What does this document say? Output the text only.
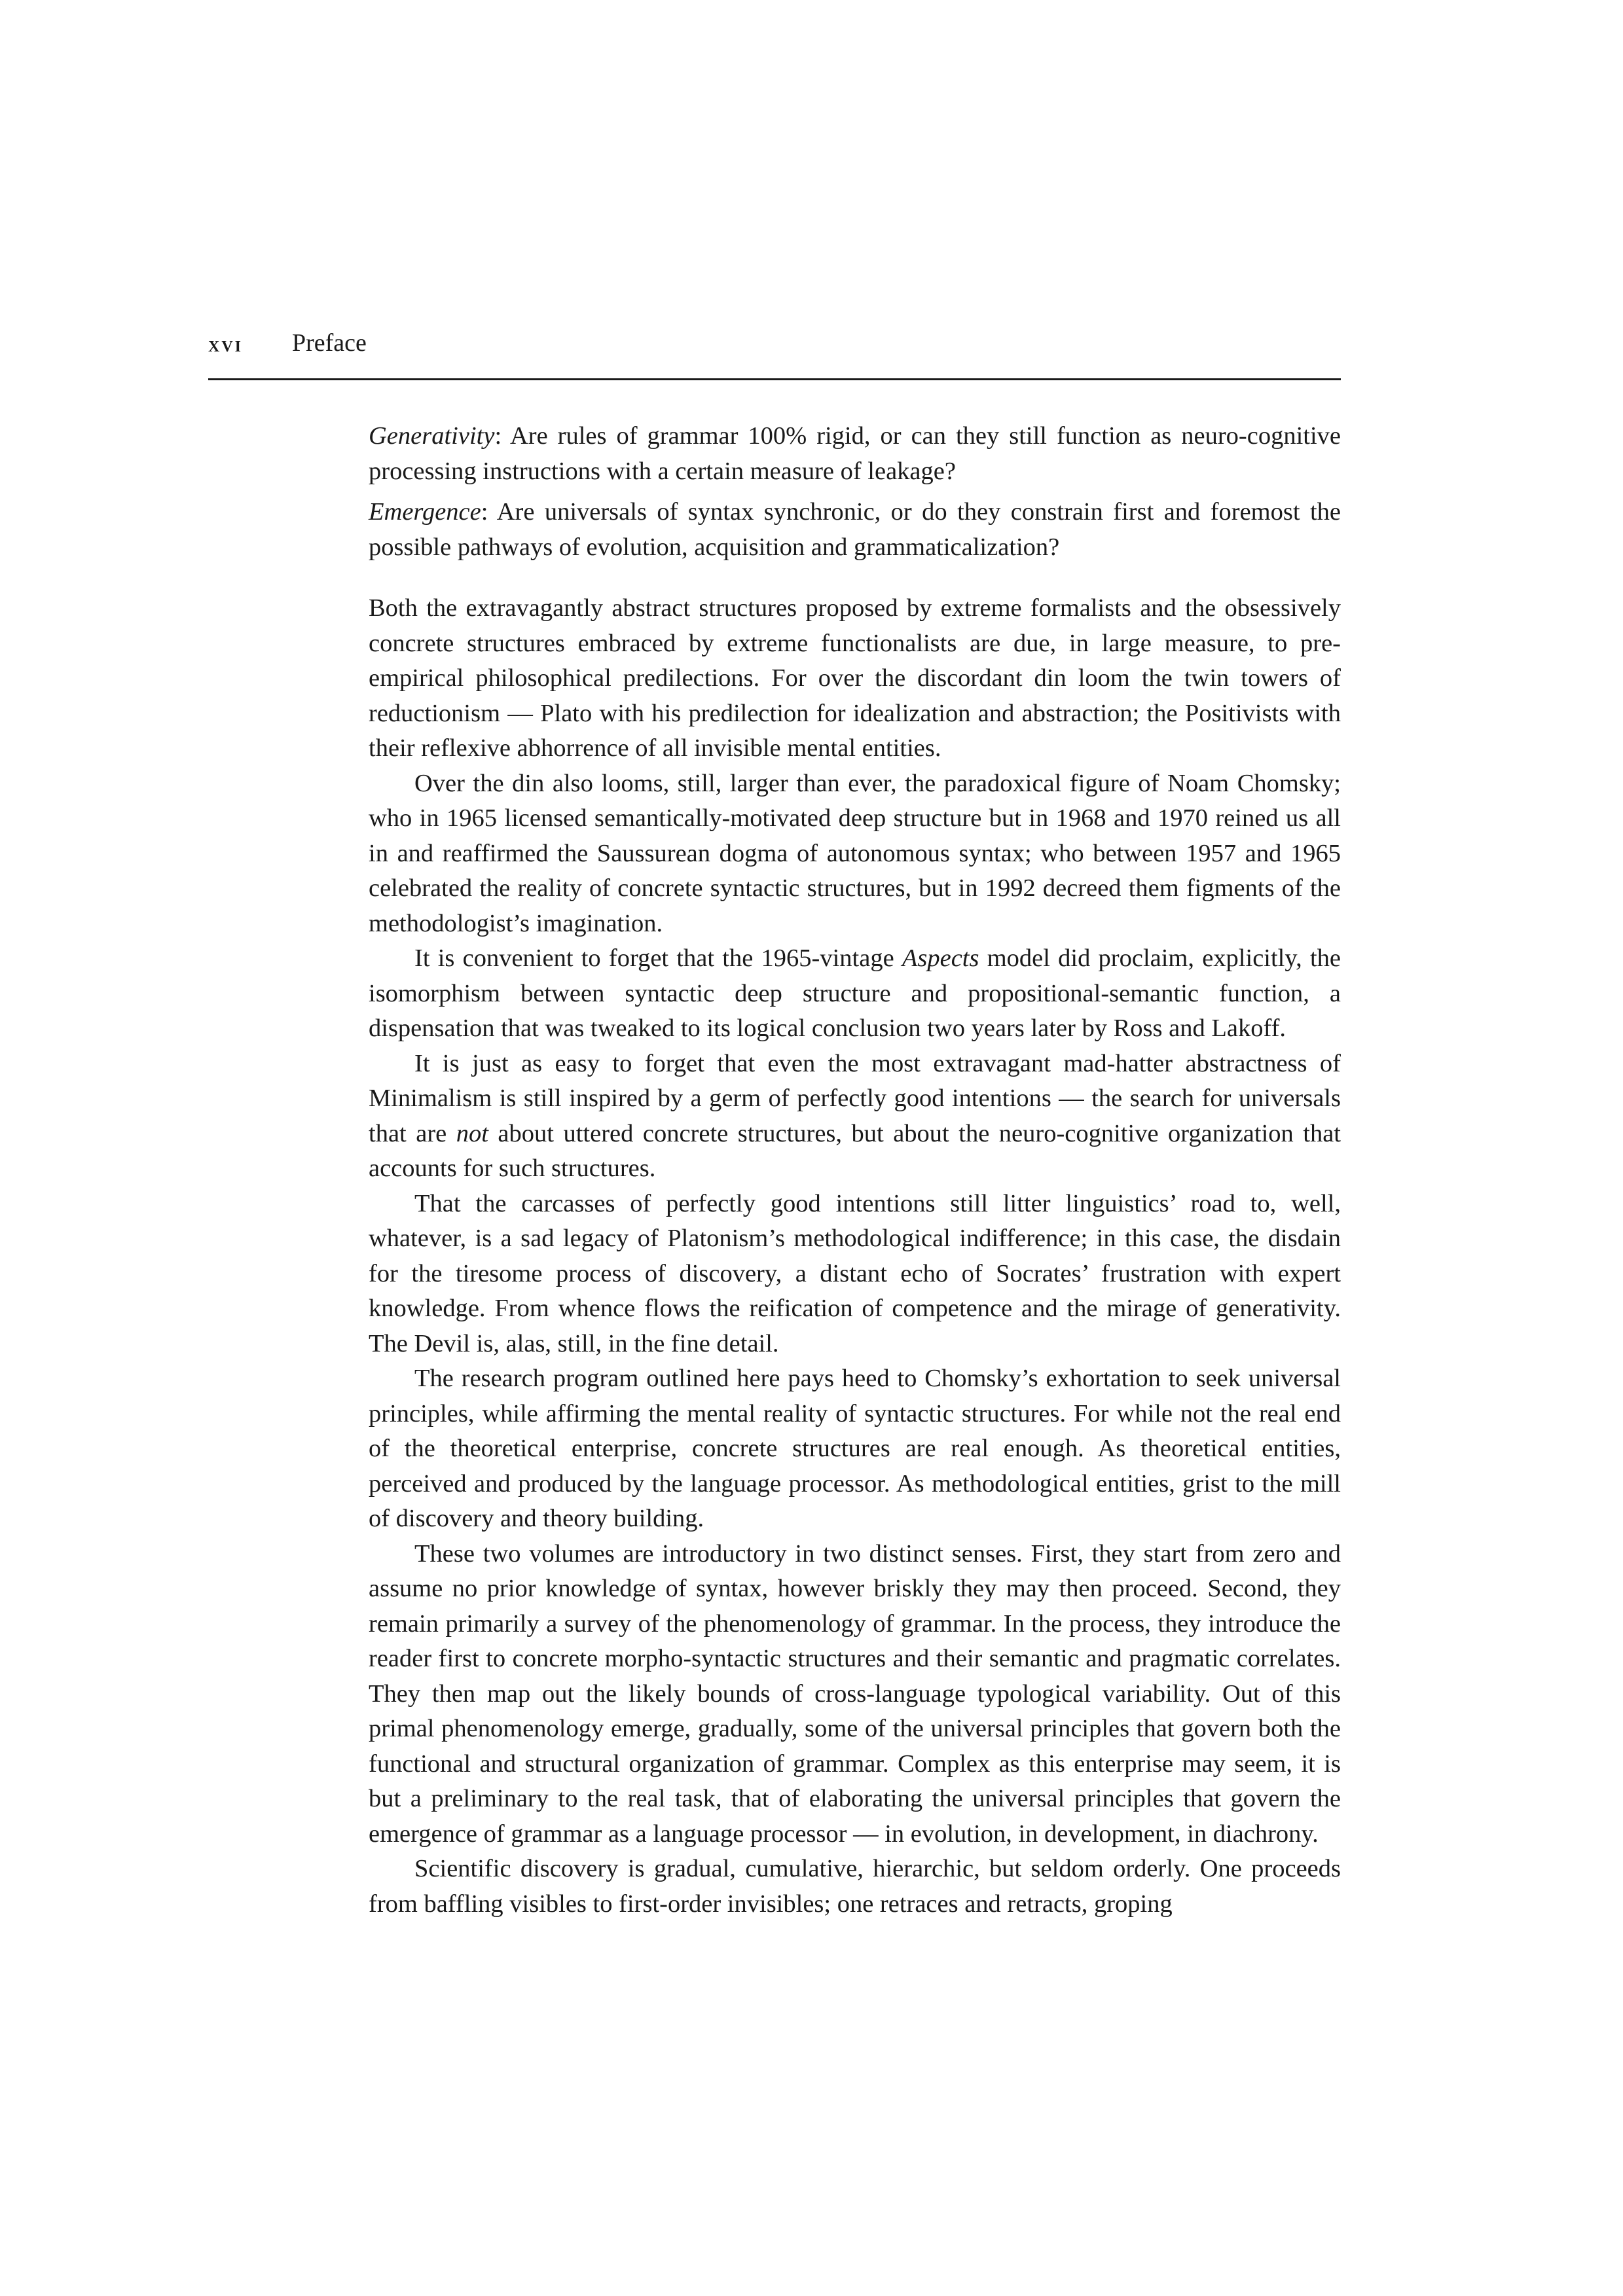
xvi Preface

Generativity: Are rules of grammar 100% rigid, or can they still function as neuro-cognitive processing instructions with a certain measure of leakage?

Emergence: Are universals of syntax synchronic, or do they constrain first and foremost the possible pathways of evolution, acquisition and grammaticalization?

Both the extravagantly abstract structures proposed by extreme formalists and the obsessively concrete structures embraced by extreme functionalists are due, in large measure, to pre-empirical philosophical predilections. For over the discordant din loom the twin towers of reductionism — Plato with his predilection for idealization and abstraction; the Positivists with their reflexive abhorrence of all invisible mental entities.

Over the din also looms, still, larger than ever, the paradoxical figure of Noam Chomsky; who in 1965 licensed semantically-motivated deep structure but in 1968 and 1970 reined us all in and reaffirmed the Saussurean dogma of autonomous syntax; who between 1957 and 1965 celebrated the reality of concrete syntactic structures, but in 1992 decreed them figments of the methodologist’s imagination.

It is convenient to forget that the 1965-vintage Aspects model did proclaim, explicitly, the isomorphism between syntactic deep structure and propositional-semantic function, a dispensation that was tweaked to its logical conclusion two years later by Ross and Lakoff.

It is just as easy to forget that even the most extravagant mad-hatter abstractness of Minimalism is still inspired by a germ of perfectly good intentions — the search for universals that are not about uttered concrete structures, but about the neuro-cognitive organization that accounts for such structures.

That the carcasses of perfectly good intentions still litter linguistics’ road to, well, whatever, is a sad legacy of Platonism’s methodological indifference; in this case, the disdain for the tiresome process of discovery, a distant echo of Socrates’ frustration with expert knowledge. From whence flows the reification of competence and the mirage of generativity. The Devil is, alas, still, in the fine detail.

The research program outlined here pays heed to Chomsky’s exhortation to seek universal principles, while affirming the mental reality of syntactic structures. For while not the real end of the theoretical enterprise, concrete structures are real enough. As theoretical entities, perceived and produced by the language processor. As methodological entities, grist to the mill of discovery and theory building.

These two volumes are introductory in two distinct senses. First, they start from zero and assume no prior knowledge of syntax, however briskly they may then proceed. Second, they remain primarily a survey of the phenomenology of grammar. In the process, they introduce the reader first to concrete morpho-syntactic structures and their semantic and pragmatic correlates. They then map out the likely bounds of cross-language typological variability. Out of this primal phenomenology emerge, gradually, some of the universal principles that govern both the functional and structural organization of grammar. Complex as this enterprise may seem, it is but a preliminary to the real task, that of elaborating the universal principles that govern the emergence of grammar as a language processor — in evolution, in development, in diachrony.

Scientific discovery is gradual, cumulative, hierarchic, but seldom orderly. One proceeds from baffling visibles to first-order invisibles; one retraces and retracts, groping
